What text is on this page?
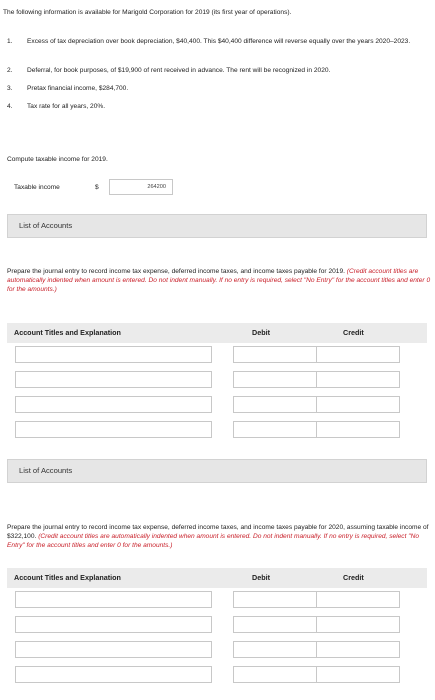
The following information is available for Marigold Corporation for 2019 (its first year of operations).
1.	Excess of tax depreciation over book depreciation, $40,400. This $40,400 difference will reverse equally over the years 2020–2023.
2.	Deferral, for book purposes, of $19,900 of rent received in advance. The rent will be recognized in 2020.
3.	Pretax financial income, $284,700.
4.	Tax rate for all years, 20%.
Compute taxable income for 2019.
Taxable income	$	264200
List of Accounts
Prepare the journal entry to record income tax expense, deferred income taxes, and income taxes payable for 2019. (Credit account titles are automatically indented when amount is entered. Do not indent manually. If no entry is required, select "No Entry" for the account titles and enter 0 for the amounts.)
Account Titles and Explanation	Debit	Credit
List of Accounts
Prepare the journal entry to record income tax expense, deferred income taxes, and income taxes payable for 2020, assuming taxable income of $322,100. (Credit account titles are automatically indented when amount is entered. Do not indent manually. If no entry is required, select "No Entry" for the account titles and enter 0 for the amounts.)
Account Titles and Explanation	Debit	Credit
